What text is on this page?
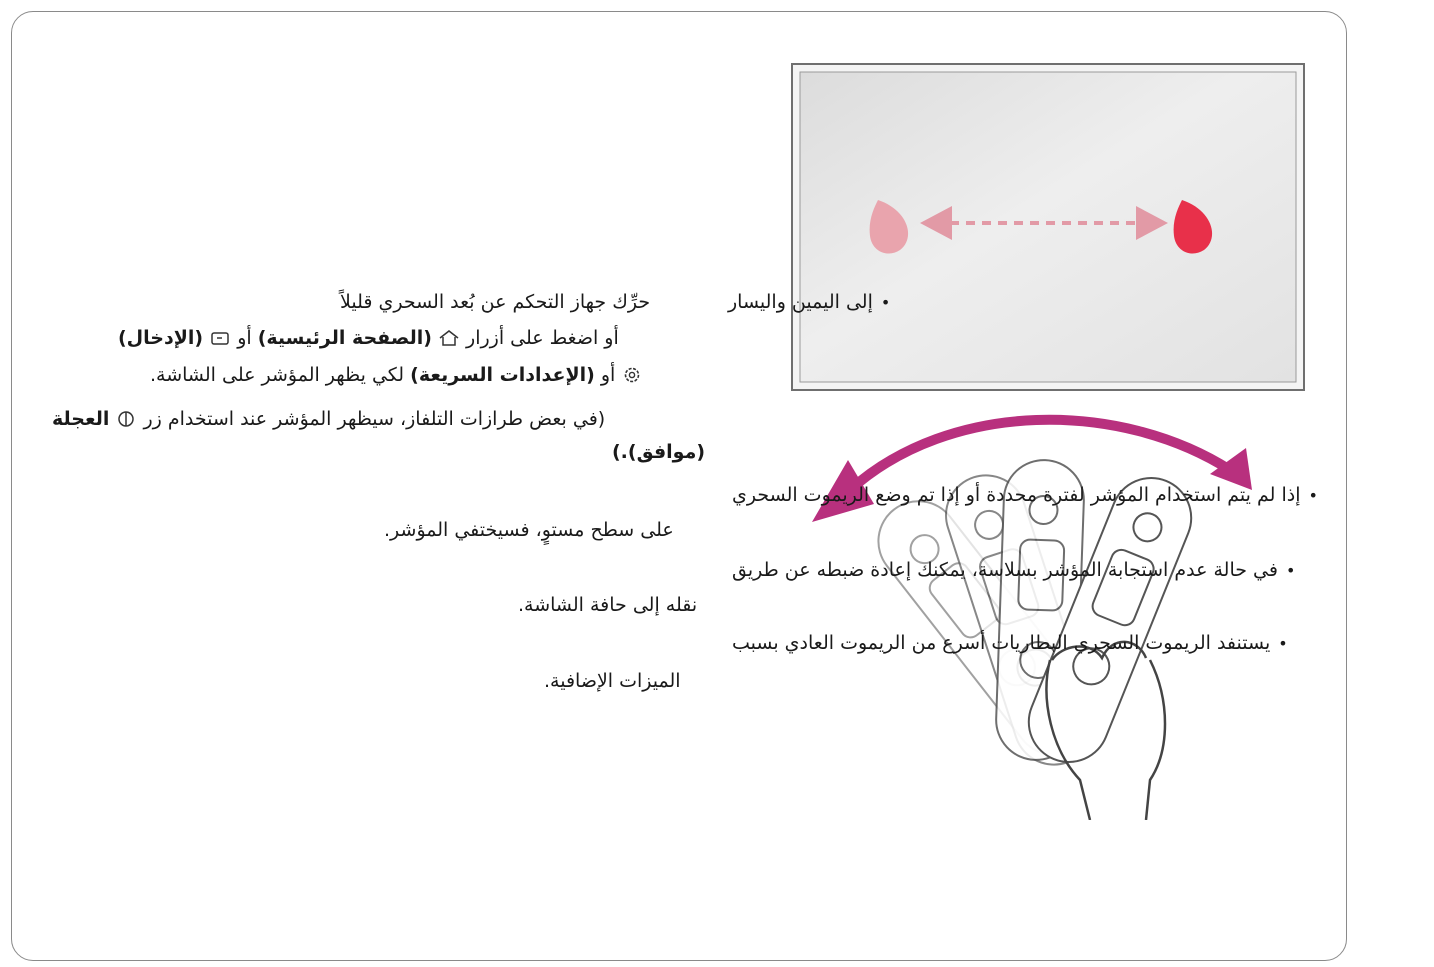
•إلى اليمين واليسار
حرِّك جهاز التحكم عن بُعد السحري قليلاً
أو اضغط على أزرار  (الصفحة الرئيسية) أو  (الإدخال)
أو (الإعدادات السريعة) لكي يظهر المؤشر على الشاشة.
(في بعض طرازات التلفاز، سيظهر المؤشر عند استخدام زر  العجلة
(موافق).)
•إذا لم يتم استخدام المؤشر لفترة محددة أو إذا تم وضع الريموت السحري
على سطح مستوٍ، فسيختفي المؤشر.
•في حالة عدم استجابة المؤشر بسلاسة، يمكنك إعادة ضبطه عن طريق
نقله إلى حافة الشاشة.
•يستنفد الريموت السحري البطاريات أسرع من الريموت العادي بسبب
الميزات الإضافية.
